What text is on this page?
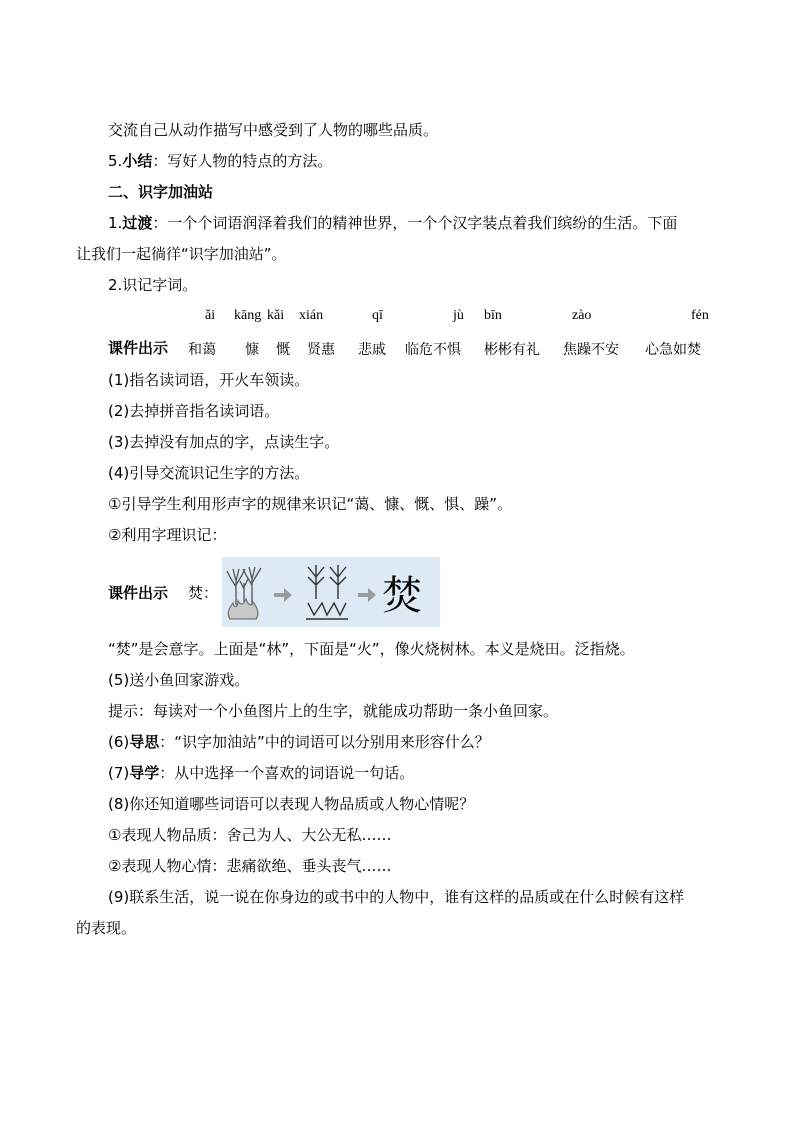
交流自己从动作描写中感受到了人物的哪些品质。
5.小结：写好人物的特点的方法。
二、识字加油站
1.过渡：一个个词语润泽着我们的精神世界，一个个汉字装点着我们缤纷的生活。下面
让我们一起徜徉“识字加油站”。
2.识记字词。
ǎi kāng kǎi xián	qī	jù bīn	zào	fén
课件出示 和蔼 慷 慨 贤惠 悲戚 临危不惧 彬彬有礼 焦躁不安 心急如焚
(1)指名读词语，开火车领读。
(2)去掉拼音指名读词语。
(3)去掉没有加点的字，点读生字。
(4)引导交流识记生字的方法。
①引导学生利用形声字的规律来识记“蔼、慷、慨、惧、躁”。
②利用字理识记：
课件出示 焚：	焚
“焚”是会意字。上面是“林”，下面是“火”，像火烧树林。本义是烧田。泛指烧。
(5)送小鱼回家游戏。
提示：每读对一个小鱼图片上的生字，就能成功帮助一条小鱼回家。
(6)导思：“识字加油站”中的词语可以分别用来形容什么？
(7)导学：从中选择一个喜欢的词语说一句话。
(8)你还知道哪些词语可以表现人物品质或人物心情呢？
①表现人物品质：舍己为人、大公无私……
②表现人物心情：悲痛欲绝、垂头丧气……
(9)联系生活，说一说在你身边的或书中的人物中，谁有这样的品质或在什么时候有这样
的表现。
